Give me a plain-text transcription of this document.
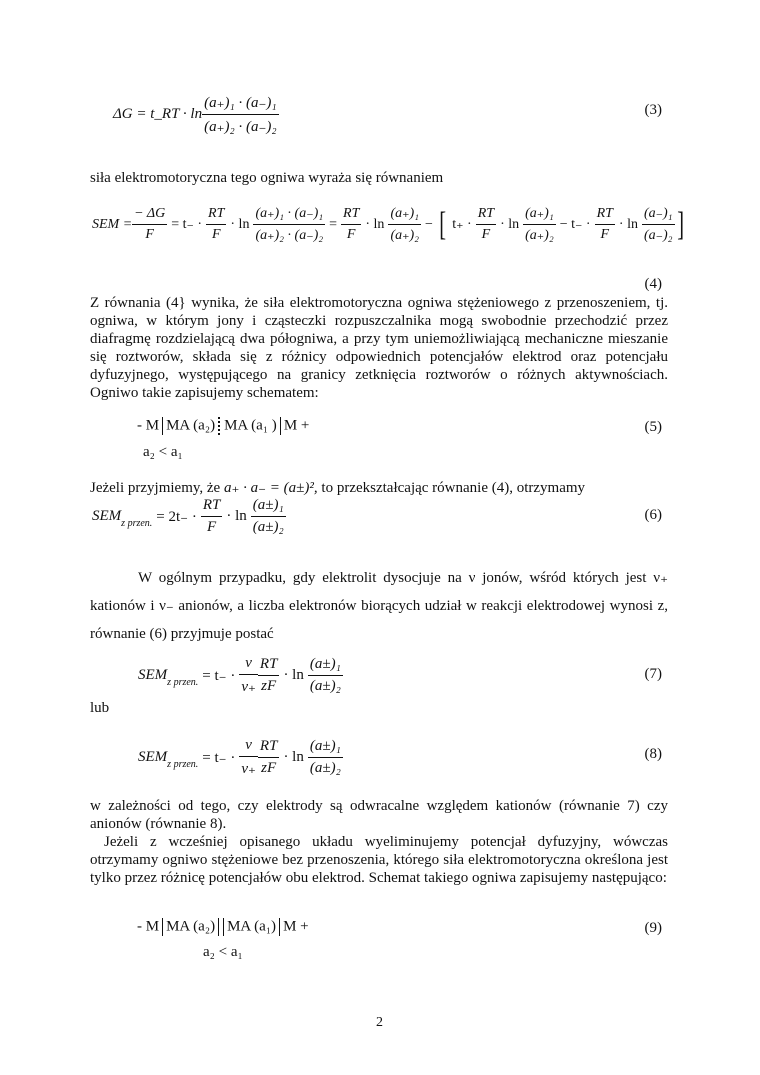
ΔG = t_RT · $\ln \frac{\text{(a₊)₁ · (a₋)₁}}{\text{(a₊)₂ · (a₋)₂}}$	(3)
siła elektromotoryczna tego ogniwa wyraża się równaniem
SEM = $\frac{- \Delta G}{F} = t_- \cdot \frac{RT}{F} \cdot \ln \frac{\text{(a₊)₁ · (a₋)₁}}{\text{(a₊)₂ · (a₋)₂}} = \frac{RT}{F} \cdot \ln \frac{\text{(a₊)₁}}{\text{(a₊)₂}}$ − [ $t_+ \cdot \frac{RT}{F} \cdot \ln \frac{\text{(a₊)₁}}{\text{(a₊)₂}} - t_- \cdot \frac{RT}{F} \cdot \ln \frac{\text{(a₋)₁}}{\text{(a₋)₂}}$ ]
(4)
Z równania (4} wynika, że siła elektromotoryczna ogniwa stężeniowego z przenoszeniem, tj. ogniwa, w którym jony i cząsteczki rozpuszczalnika mogą swobodnie przechodzić przez diafragmę rozdzielającą dwa półogniwa, a przy tym uniemożliwiającą mechaniczne mieszanie się roztworów, składa się z różnicy odpowiednich potencjałów elektrod oraz potencjału dyfuzyjnego, występującego na granicy zetknięcia roztworów o różnych aktywnościach. Ogniwo takie zapisujemy schematem:
- M MA (a₂) MA (a₁ ) M +
a₂ < a₁
(5)
Jeżeli przyjmiemy, że a₊ · a₋ = (a±)², to przekształcając równanie (4), otrzymamy
$SEM_{z przen.} = 2t_- \cdot \frac{RT}{F} \cdot \ln \frac{\text{(a±)₁}}{\text{(a±)₂}}$	(6)
W ogólnym przypadku, gdy elektrolit dysocjuje na ν jonów, wśród których jest ν₊ kationów i ν₋ anionów, a liczba elektronów biorących udział w reakcji elektrodowej wynosi z, równanie (6) przyjmuje postać
$SEM_{z przen.} = t_- \cdot \frac{\nu}{\nu_+} \frac{RT}{zF} \cdot \ln \frac{\text{(a±)₁}}{\text{(a±)₂}}$	(7)
lub
$SEM_{z przen.} = t_- \cdot \frac{\nu}{\nu_+} \frac{RT}{zF} \cdot \ln \frac{\text{(a±)₁}}{\text{(a±)₂}}$	(8)
w zależności od tego, czy elektrody są odwracalne względem kationów (równanie 7) czy anionów (równanie 8).
Jeżeli z wcześniej opisanego układu wyeliminujemy potencjał dyfuzyjny, wówczas otrzymamy ogniwo stężeniowe bez przenoszenia, którego siła elektromotoryczna określona jest tylko przez różnicę potencjałów obu elektrod. Schemat takiego ogniwa zapisujemy następująco:
- M MA (a₂) MA (a₁) M +
a₂ < a₁
(9)
2
